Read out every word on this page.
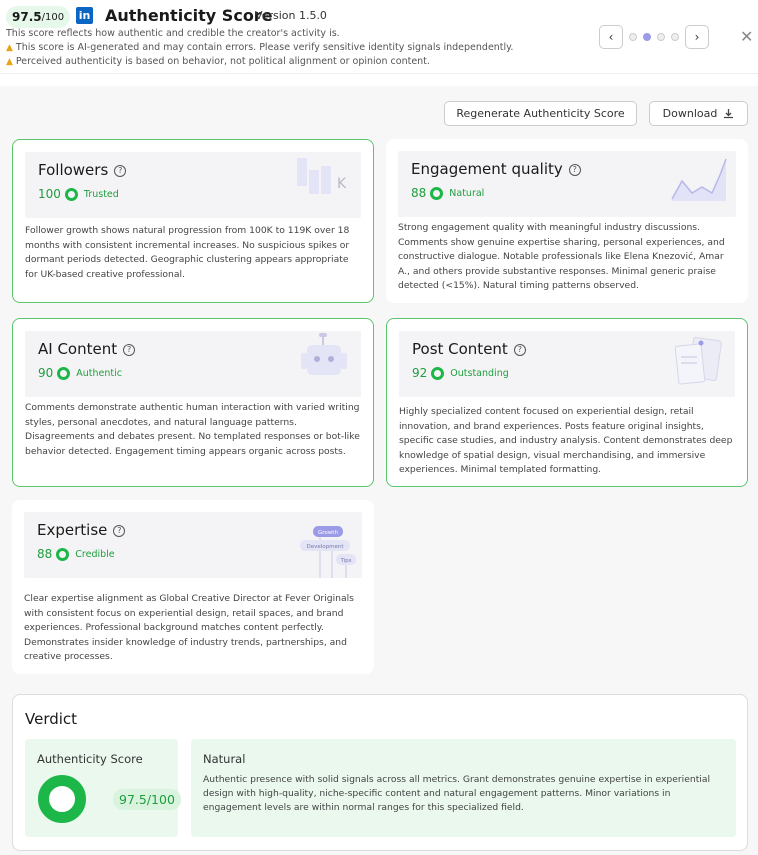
97.5 /100 in Authenticity Score
Version 1.5.0
This score reflects how authentic and credible the creator's activity is.
▲ This score is AI-generated and may contain errors. Please verify sensitive identity signals independently.
▲ Perceived authenticity is based on behavior, not political alignment or opinion content.
‹	›	✕
Regenerate Authenticity Score	Download
Followers ?
100 Trusted
K
Follower growth shows natural progression from 100K to 119K over 18 months with consistent incremental increases. No suspicious spikes or dormant periods detected. Geographic clustering appears appropriate for UK-based creative professional.
Engagement quality ?
88 Natural
Strong engagement quality with meaningful industry discussions. Comments show genuine expertise sharing, personal experiences, and constructive dialogue. Notable professionals like Elena Knezović, Amar A., and others provide substantive responses. Minimal generic praise detected (<15%). Natural timing patterns observed.
AI Content ?
90 Authentic
Comments demonstrate authentic human interaction with varied writing styles, personal anecdotes, and natural language patterns. Disagreements and debates present. No templated responses or bot-like behavior detected. Engagement timing appears organic across posts.
Post Content ?
92 Outstanding
Highly specialized content focused on experiential design, retail innovation, and brand experiences. Posts feature original insights, specific case studies, and industry analysis. Content demonstrates deep knowledge of spatial design, visual merchandising, and immersive experiences. Minimal templated formatting.
Expertise ?
88 Credible
Growth
Development
Tips
Clear expertise alignment as Global Creative Director at Fever Originals with consistent focus on experiential design, retail spaces, and brand experiences. Professional background matches content perfectly. Demonstrates insider knowledge of industry trends, partnerships, and creative processes.
Verdict
Authenticity Score
97.5/100
Natural
Authentic presence with solid signals across all metrics. Grant demonstrates genuine expertise in experiential design with high-quality, niche-specific content and natural engagement patterns. Minor variations in engagement levels are within normal ranges for this specialized field.
